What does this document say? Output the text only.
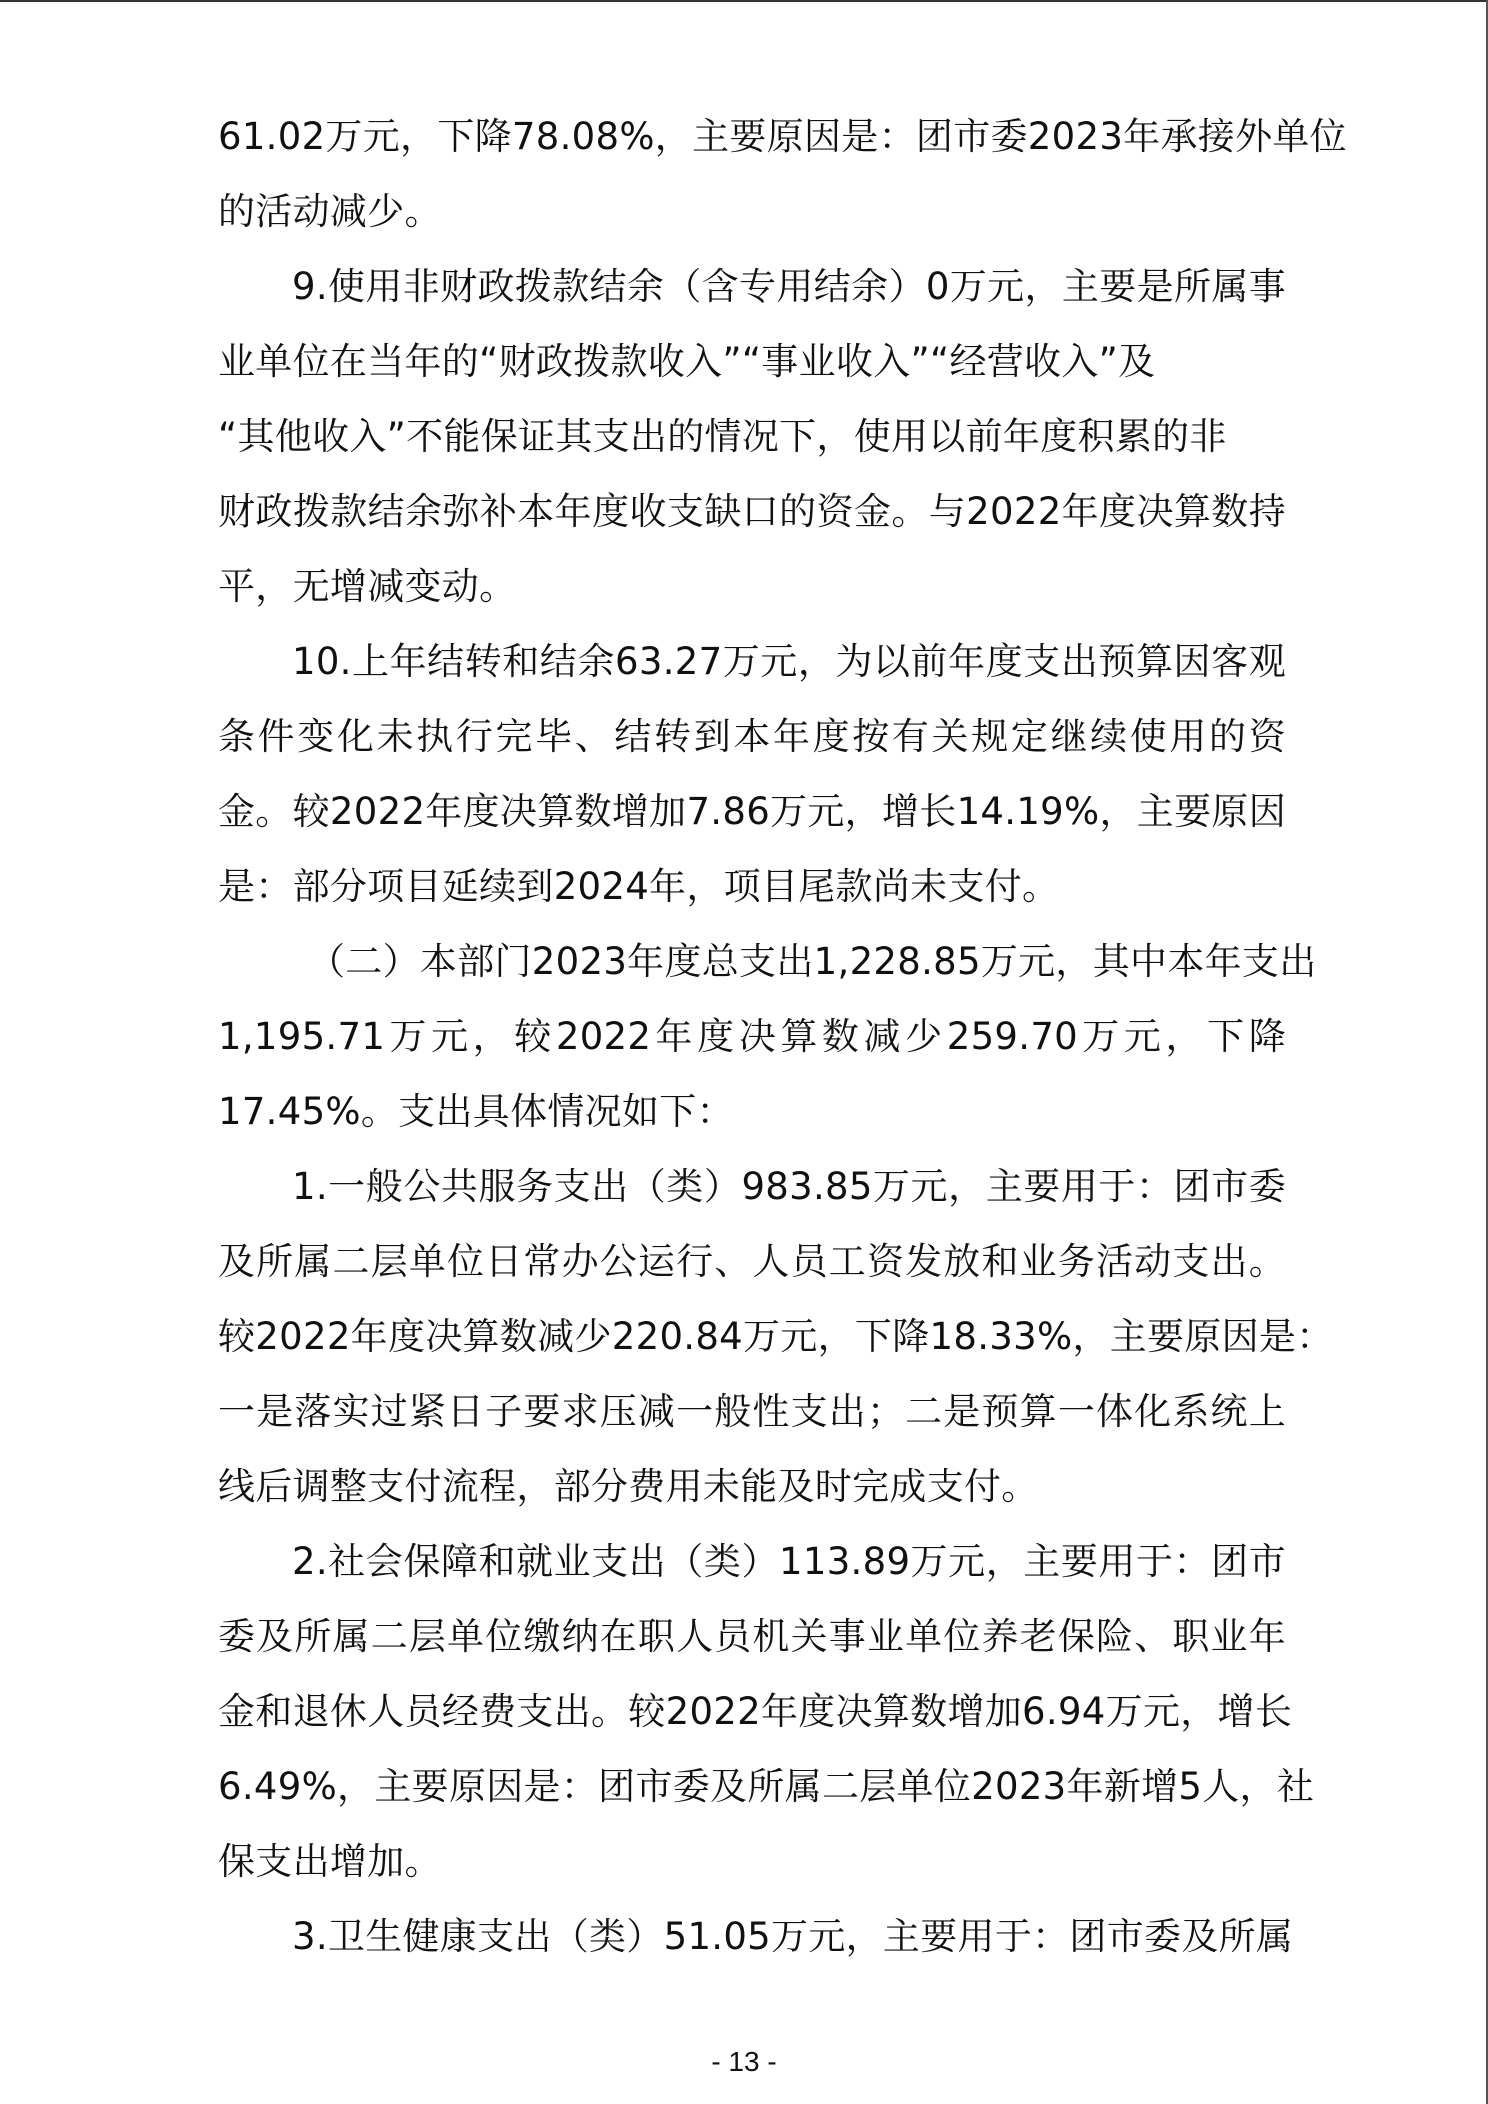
61.02万元，下降78.08%，主要原因是：团市委2023年承接外单位
的活动减少。
9.使用非财政拨款结余（含专用结余）0万元，主要是所属事
业单位在当年的“财政拨款收入”“事业收入”“经营收入”及
“其他收入”不能保证其支出的情况下，使用以前年度积累的非
财政拨款结余弥补本年度收支缺口的资金。与2022年度决算数持
平，无增减变动。
10.上年结转和结余63.27万元，为以前年度支出预算因客观
条件变化未执行完毕、结转到本年度按有关规定继续使用的资
金。较2022年度决算数增加7.86万元，增长14.19%，主要原因
是：部分项目延续到2024年，项目尾款尚未支付。
（二）本部门2023年度总支出1,228.85万元，其中本年支出
1,195.71万元，较2022年度决算数减少259.70万元，下降
17.45%。支出具体情况如下：
1.一般公共服务支出（类）983.85万元，主要用于：团市委
及所属二层单位日常办公运行、人员工资发放和业务活动支出。
较2022年度决算数减少220.84万元，下降18.33%，主要原因是：
一是落实过紧日子要求压减一般性支出；二是预算一体化系统上
线后调整支付流程，部分费用未能及时完成支付。
2.社会保障和就业支出（类）113.89万元，主要用于：团市
委及所属二层单位缴纳在职人员机关事业单位养老保险、职业年
金和退休人员经费支出。较2022年度决算数增加6.94万元，增长
6.49%，主要原因是：团市委及所属二层单位2023年新增5人，社
保支出增加。
3.卫生健康支出（类）51.05万元，主要用于：团市委及所属
- 13 -
